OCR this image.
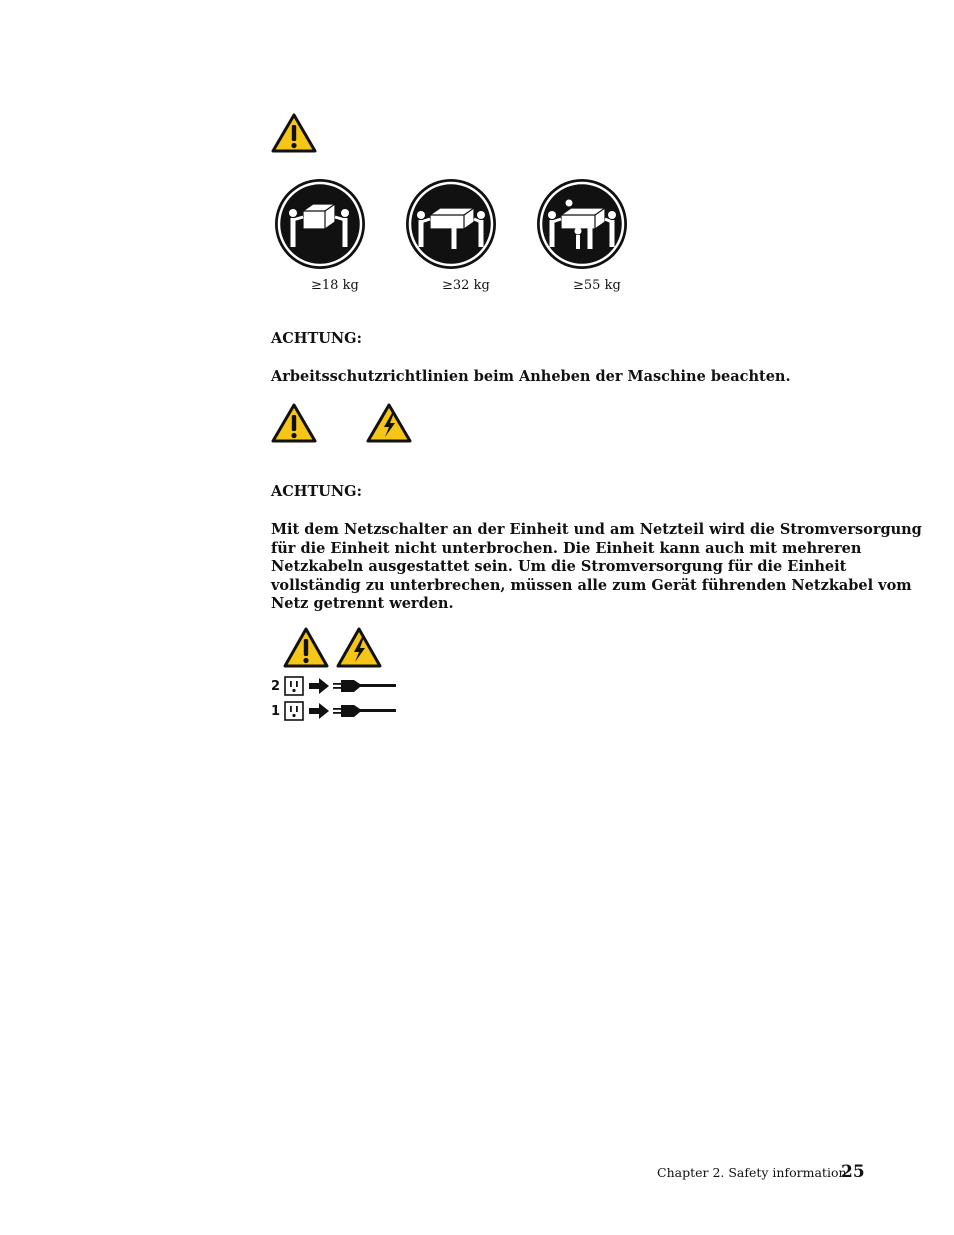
≥18 kg	≥32 kg	≥55 kg
ACHTUNG:
Arbeitsschutzrichtlinien beim Anheben der Maschine beachten.
ACHTUNG:
Mit dem Netzschalter an der Einheit und am Netzteil wird die Stromversorgung
für die Einheit nicht unterbrochen. Die Einheit kann auch mit mehreren
Netzkabeln ausgestattet sein. Um die Stromversorgung für die Einheit
vollständig zu unterbrechen, müssen alle zum Gerät führenden Netzkabel vom
Netz getrennt werden.
2
1
Chapter 2. Safety information
25
